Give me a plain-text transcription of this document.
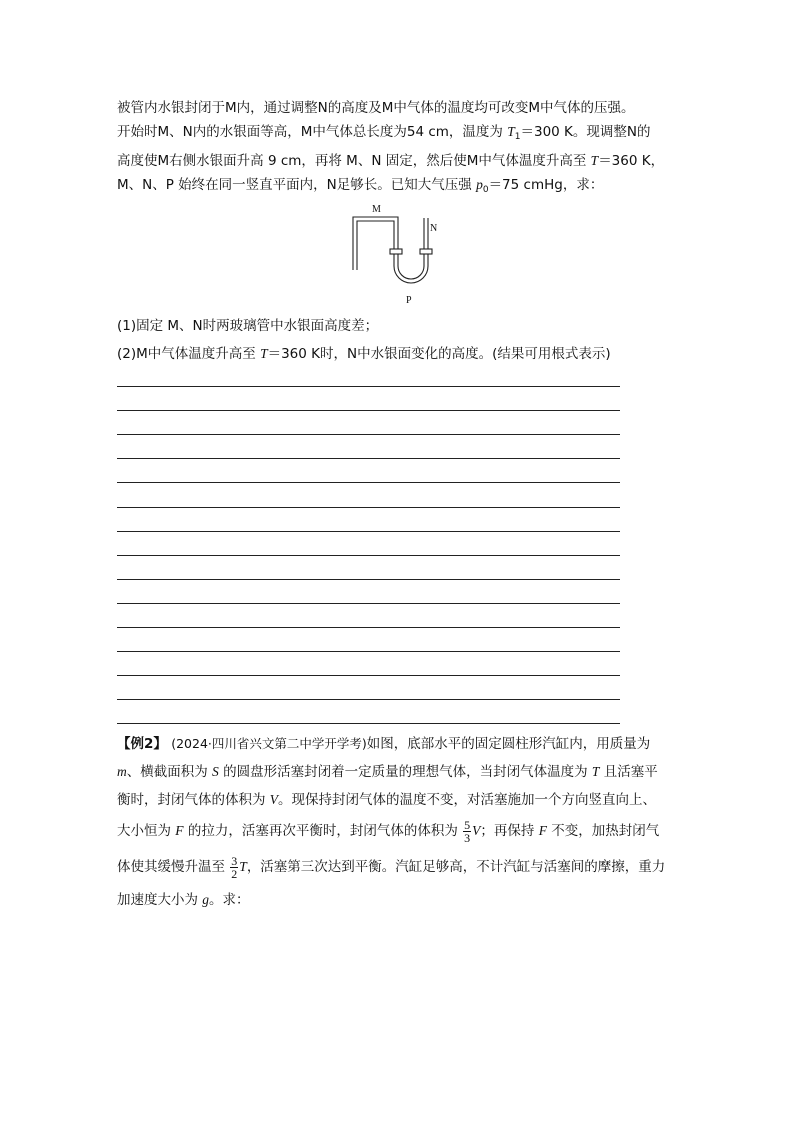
被管内水银封闭于M内，通过调整N的高度及M中气体的温度均可改变M中气体的压强。
开始时M、N内的水银面等高，M中气体总长度为54 cm，温度为 $T_1=300$ K。现调整N的
高度使M右侧水银面升高 9 cm，再将 M、N 固定，然后使M中气体温度升高至 T＝360 K，
M、N、P 始终在同一竖直平面内，N足够长。已知大气压强 $p_0=75$ cmHg，求：
M
N
P
(1)固定 M、N时两玻璃管中水银面高度差；
(2)M中气体温度升高至 T＝360 K时，N中水银面变化的高度。(结果可用根式表示)
【例2】 (2024·四川省兴文第二中学开学考)如图，底部水平的固定圆柱形汽缸内，用质量为
m、横截面积为 S 的圆盘形活塞封闭着一定质量的理想气体，当封闭气体温度为 T 且活塞平
衡时，封闭气体的体积为 V。现保持封闭气体的温度不变，对活塞施加一个方向竖直向上、
大小恒为 F 的拉力，活塞再次平衡时，封闭气体的体积为 $\frac{5}{3}$ V；再保持 F 不变，加热封闭气
体使其缓慢升温至 $\frac{3}{2}$ T，活塞第三次达到平衡。汽缸足够高，不计汽缸与活塞间的摩擦，重力
加速度大小为 g。求：
